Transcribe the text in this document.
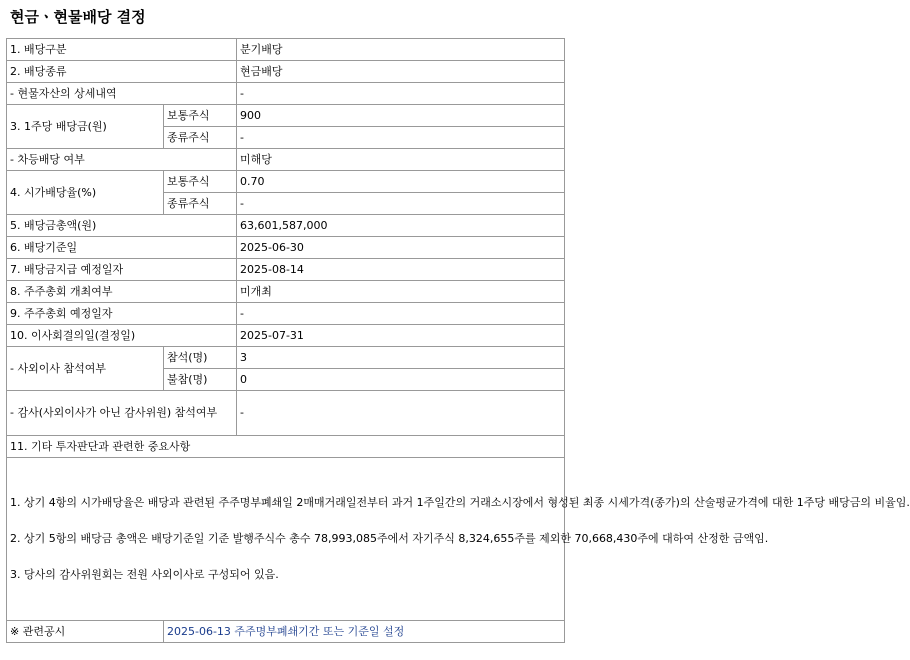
현금ㆍ현물배당 결정
1. 배당구분		분기배당
2. 배당종류		현금배당
- 현물자산의 상세내역		-
3. 1주당 배당금(원)	보통주식	900
	종류주식	-
- 차등배당 여부		미해당
4. 시가배당율(%)	보통주식	0.70
	종류주식	-
5. 배당금총액(원)		63,601,587,000
6. 배당기준일		2025-06-30
7. 배당금지급 예정일자		2025-08-14
8. 주주총회 개최여부		미개최
9. 주주총회 예정일자		-
10. 이사회결의일(결정일)		2025-07-31
- 사외이사 참석여부	참석(명)	3
	불참(명)	0
- 감사(사외이사가 아닌 감사위원) 참석여부		-
11. 기타 투자판단과 관련한 중요사항		

1. 상기 4항의 시가배당율은 배당과 관련된 주주명부폐쇄일 2매매거래일전부터 과거 1주일간의 거래소시장에서 형성된 최종 시세가격(종가)의 산술평균가격에 대한 1주당 배당금의 비율임.

2. 상기 5항의 배당금 총액은 배당기준일 기준 발행주식수 총수 78,993,085주에서 자기주식 8,324,655주를 제외한 70,668,430주에 대하여 산정한 금액임.

3. 당사의 감사위원회는 전원 사외이사로 구성되어 있음.		

※ 관련공시	2025-06-13 주주명부폐쇄기간 또는 기준일 설정	
